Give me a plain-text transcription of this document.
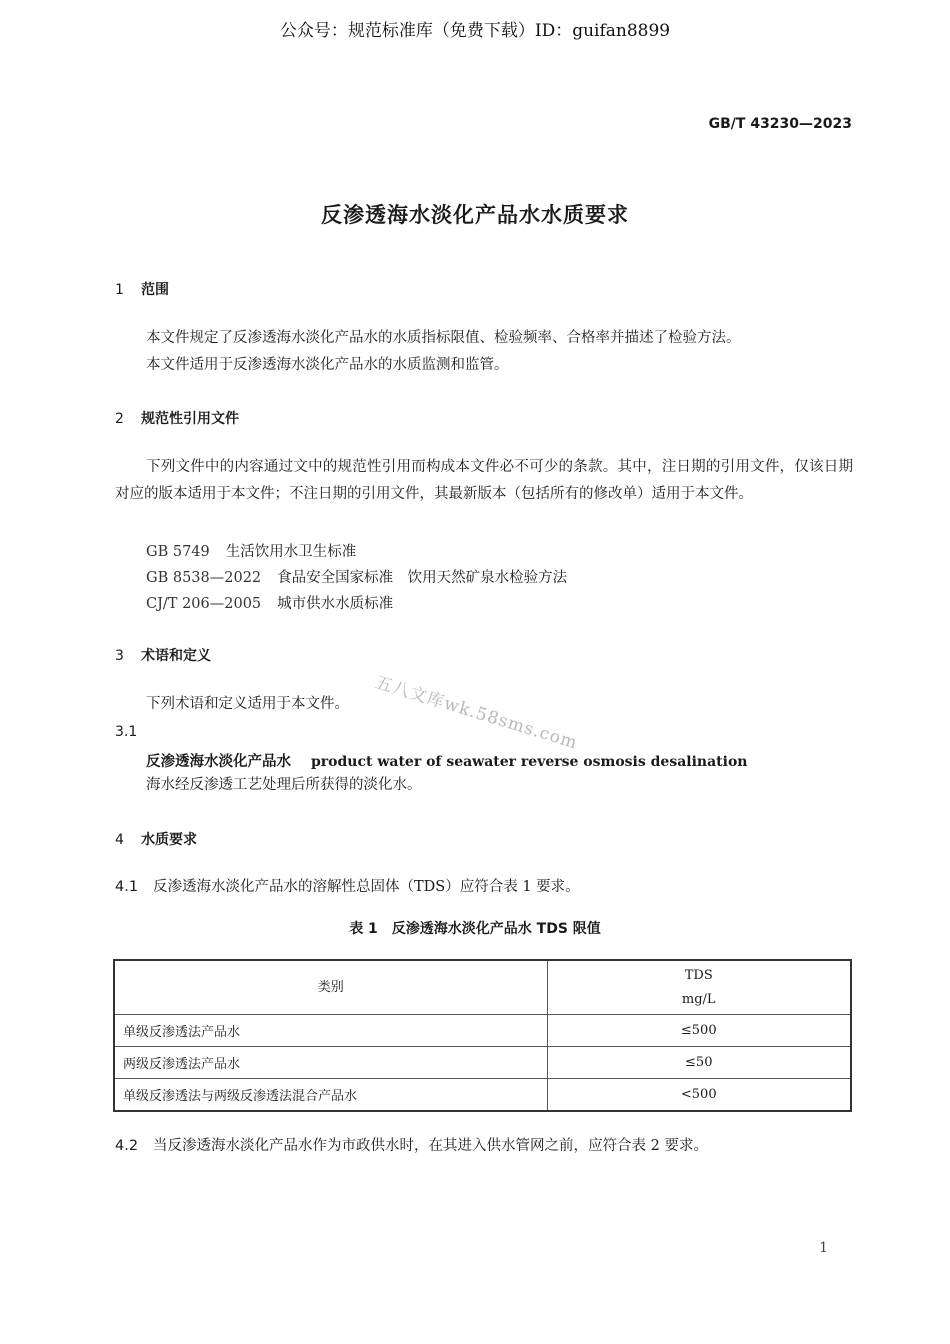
公众号：规范标准库（免费下载）ID：guifan8899
GB/T 43230—2023
反渗透海水淡化产品水水质要求
1 范围
本文件规定了反渗透海水淡化产品水的水质指标限值、检验频率、合格率并描述了检验方法。
本文件适用于反渗透海水淡化产品水的水质监测和监管。
2 规范性引用文件
下列文件中的内容通过文中的规范性引用而构成本文件必不可少的条款。其中，注日期的引用文件，仅该日期对应的版本适用于本文件；不注日期的引用文件，其最新版本（包括所有的修改单）适用于本文件。
GB 5749 生活饮用水卫生标准
GB 8538—2022 食品安全国家标准　饮用天然矿泉水检验方法
CJ/T 206—2005 城市供水水质标准
五八文库wk.58sms.com
3 术语和定义
下列术语和定义适用于本文件。
3.1
反渗透海水淡化产品水 product water of seawater reverse osmosis desalination
海水经反渗透工艺处理后所获得的淡化水。
4 水质要求
4.1 反渗透海水淡化产品水的溶解性总固体（TDS）应符合表 1 要求。
表 1　反渗透海水淡化产品水 TDS 限值
类别	TDS
mg/L

单级反渗透法产品水	≤500
两级反渗透法产品水	≤50
单级反渗透法与两级反渗透法混合产品水	<500
4.2 当反渗透海水淡化产品水作为市政供水时，在其进入供水管网之前，应符合表 2 要求。
1
